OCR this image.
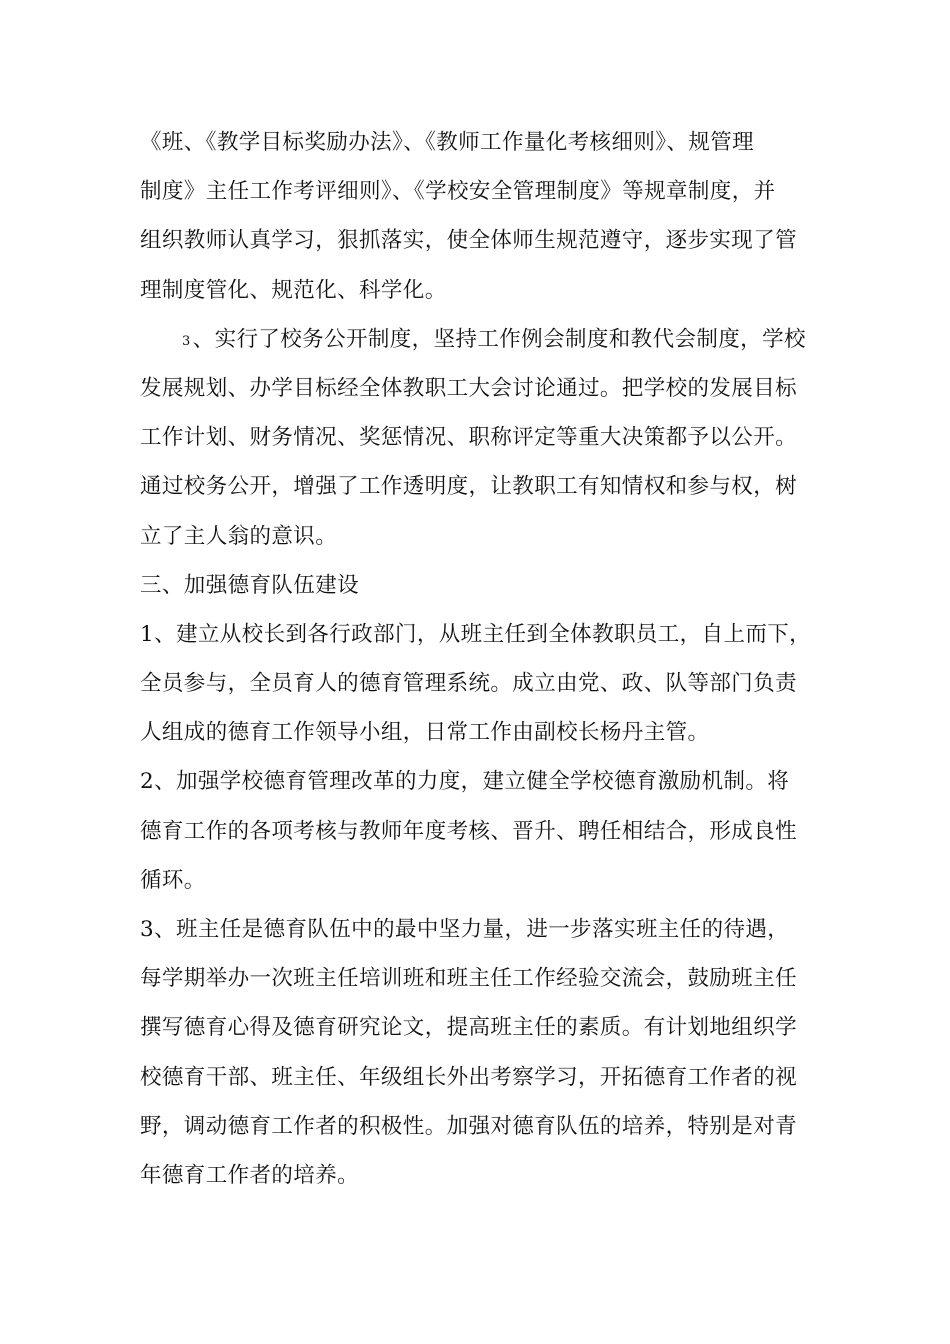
《班、《教学目标奖励办法》、《教师工作量化考核细则》、规管理
制度》主任工作考评细则》、《学校安全管理制度》等规章制度，并
组织教师认真学习，狠抓落实，使全体师生规范遵守，逐步实现了管
理制度管化、规范化、科学化。
3、实行了校务公开制度，坚持工作例会制度和教代会制度，学校
发展规划、办学目标经全体教职工大会讨论通过。把学校的发展目标
工作计划、财务情况、奖惩情况、职称评定等重大决策都予以公开。
通过校务公开，增强了工作透明度，让教职工有知情权和参与权，树
立了主人翁的意识。
三、加强德育队伍建设
1、建立从校长到各行政部门，从班主任到全体教职员工，自上而下，
全员参与，全员育人的德育管理系统。成立由党、政、队等部门负责
人组成的德育工作领导小组，日常工作由副校长杨丹主管。
2、加强学校德育管理改革的力度，建立健全学校德育激励机制。将
德育工作的各项考核与教师年度考核、晋升、聘任相结合，形成良性
循环。
3、班主任是德育队伍中的最中坚力量，进一步落实班主任的待遇，
每学期举办一次班主任培训班和班主任工作经验交流会，鼓励班主任
撰写德育心得及德育研究论文，提高班主任的素质。有计划地组织学
校德育干部、班主任、年级组长外出考察学习，开拓德育工作者的视
野，调动德育工作者的积极性。加强对德育队伍的培养，特别是对青
年德育工作者的培养。
